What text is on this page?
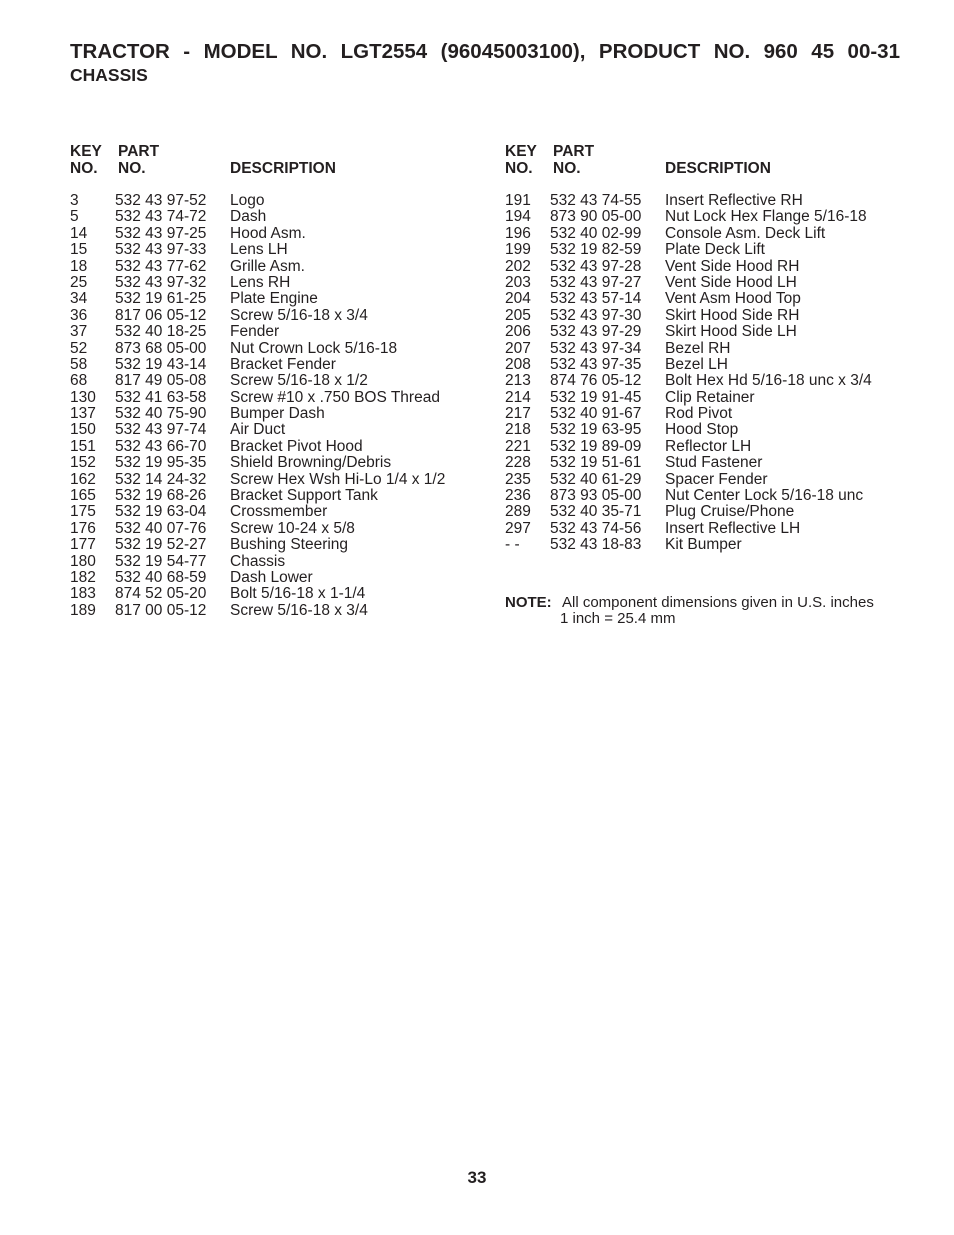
TRACTOR - MODEL NO. LGT2554 (96045003100), PRODUCT NO. 960 45 00-31
CHASSIS
KEY
NO.
PART
NO.	DESCRIPTION
3 532 43 97-52 Logo
5 532 43 74-72 Dash
14 532 43 97-25 Hood Asm.
15 532 43 97-33 Lens LH
18 532 43 77-62 Grille Asm.
25 532 43 97-32 Lens RH
34 532 19 61-25 Plate Engine
36 817 06 05-12 Screw 5/16-18 x 3/4
37 532 40 18-25 Fender
52 873 68 05-00 Nut Crown Lock 5/16-18
58 532 19 43-14 Bracket Fender
68 817 49 05-08 Screw 5/16-18 x 1/2
130 532 41 63-58 Screw #10 x .750 BOS Thread
137 532 40 75-90 Bumper Dash
150 532 43 97-74 Air Duct
151 532 43 66-70 Bracket Pivot Hood
152 532 19 95-35 Shield Browning/Debris
162 532 14 24-32 Screw Hex Wsh Hi-Lo 1/4 x 1/2
165 532 19 68-26 Bracket Support Tank
175 532 19 63-04 Crossmember
176 532 40 07-76 Screw 10-24 x 5/8
177 532 19 52-27 Bushing Steering
180 532 19 54-77 Chassis
182 532 40 68-59 Dash Lower
183 874 52 05-20 Bolt 5/16-18 x 1-1/4
189 817 00 05-12 Screw 5/16-18 x 3/4
KEY
NO.
PART
NO.	DESCRIPTION
191 532 43 74-55 Insert Reflective RH
194 873 90 05-00 Nut Lock Hex Flange 5/16-18
196 532 40 02-99 Console Asm. Deck Lift
199 532 19 82-59 Plate Deck Lift
202 532 43 97-28 Vent Side Hood RH
203 532 43 97-27 Vent Side Hood LH
204 532 43 57-14 Vent Asm Hood Top
205 532 43 97-30 Skirt Hood Side RH
206 532 43 97-29 Skirt Hood Side LH
207 532 43 97-34 Bezel RH
208 532 43 97-35 Bezel LH
213 874 76 05-12 Bolt Hex Hd 5/16-18 unc x 3/4
214 532 19 91-45 Clip Retainer
217 532 40 91-67 Rod Pivot
218 532 19 63-95 Hood Stop
221 532 19 89-09 Reflector LH
228 532 19 51-61 Stud Fastener
235 532 40 61-29 Spacer Fender
236 873 93 05-00 Nut Center Lock 5/16-18 unc
289 532 40 35-71 Plug Cruise/Phone
297 532 43 74-56 Insert Reflective LH
- - 532 43 18-83 Kit Bumper
NOTE: All component dimensions given in U.S. inches
1 inch = 25.4 mm
33
